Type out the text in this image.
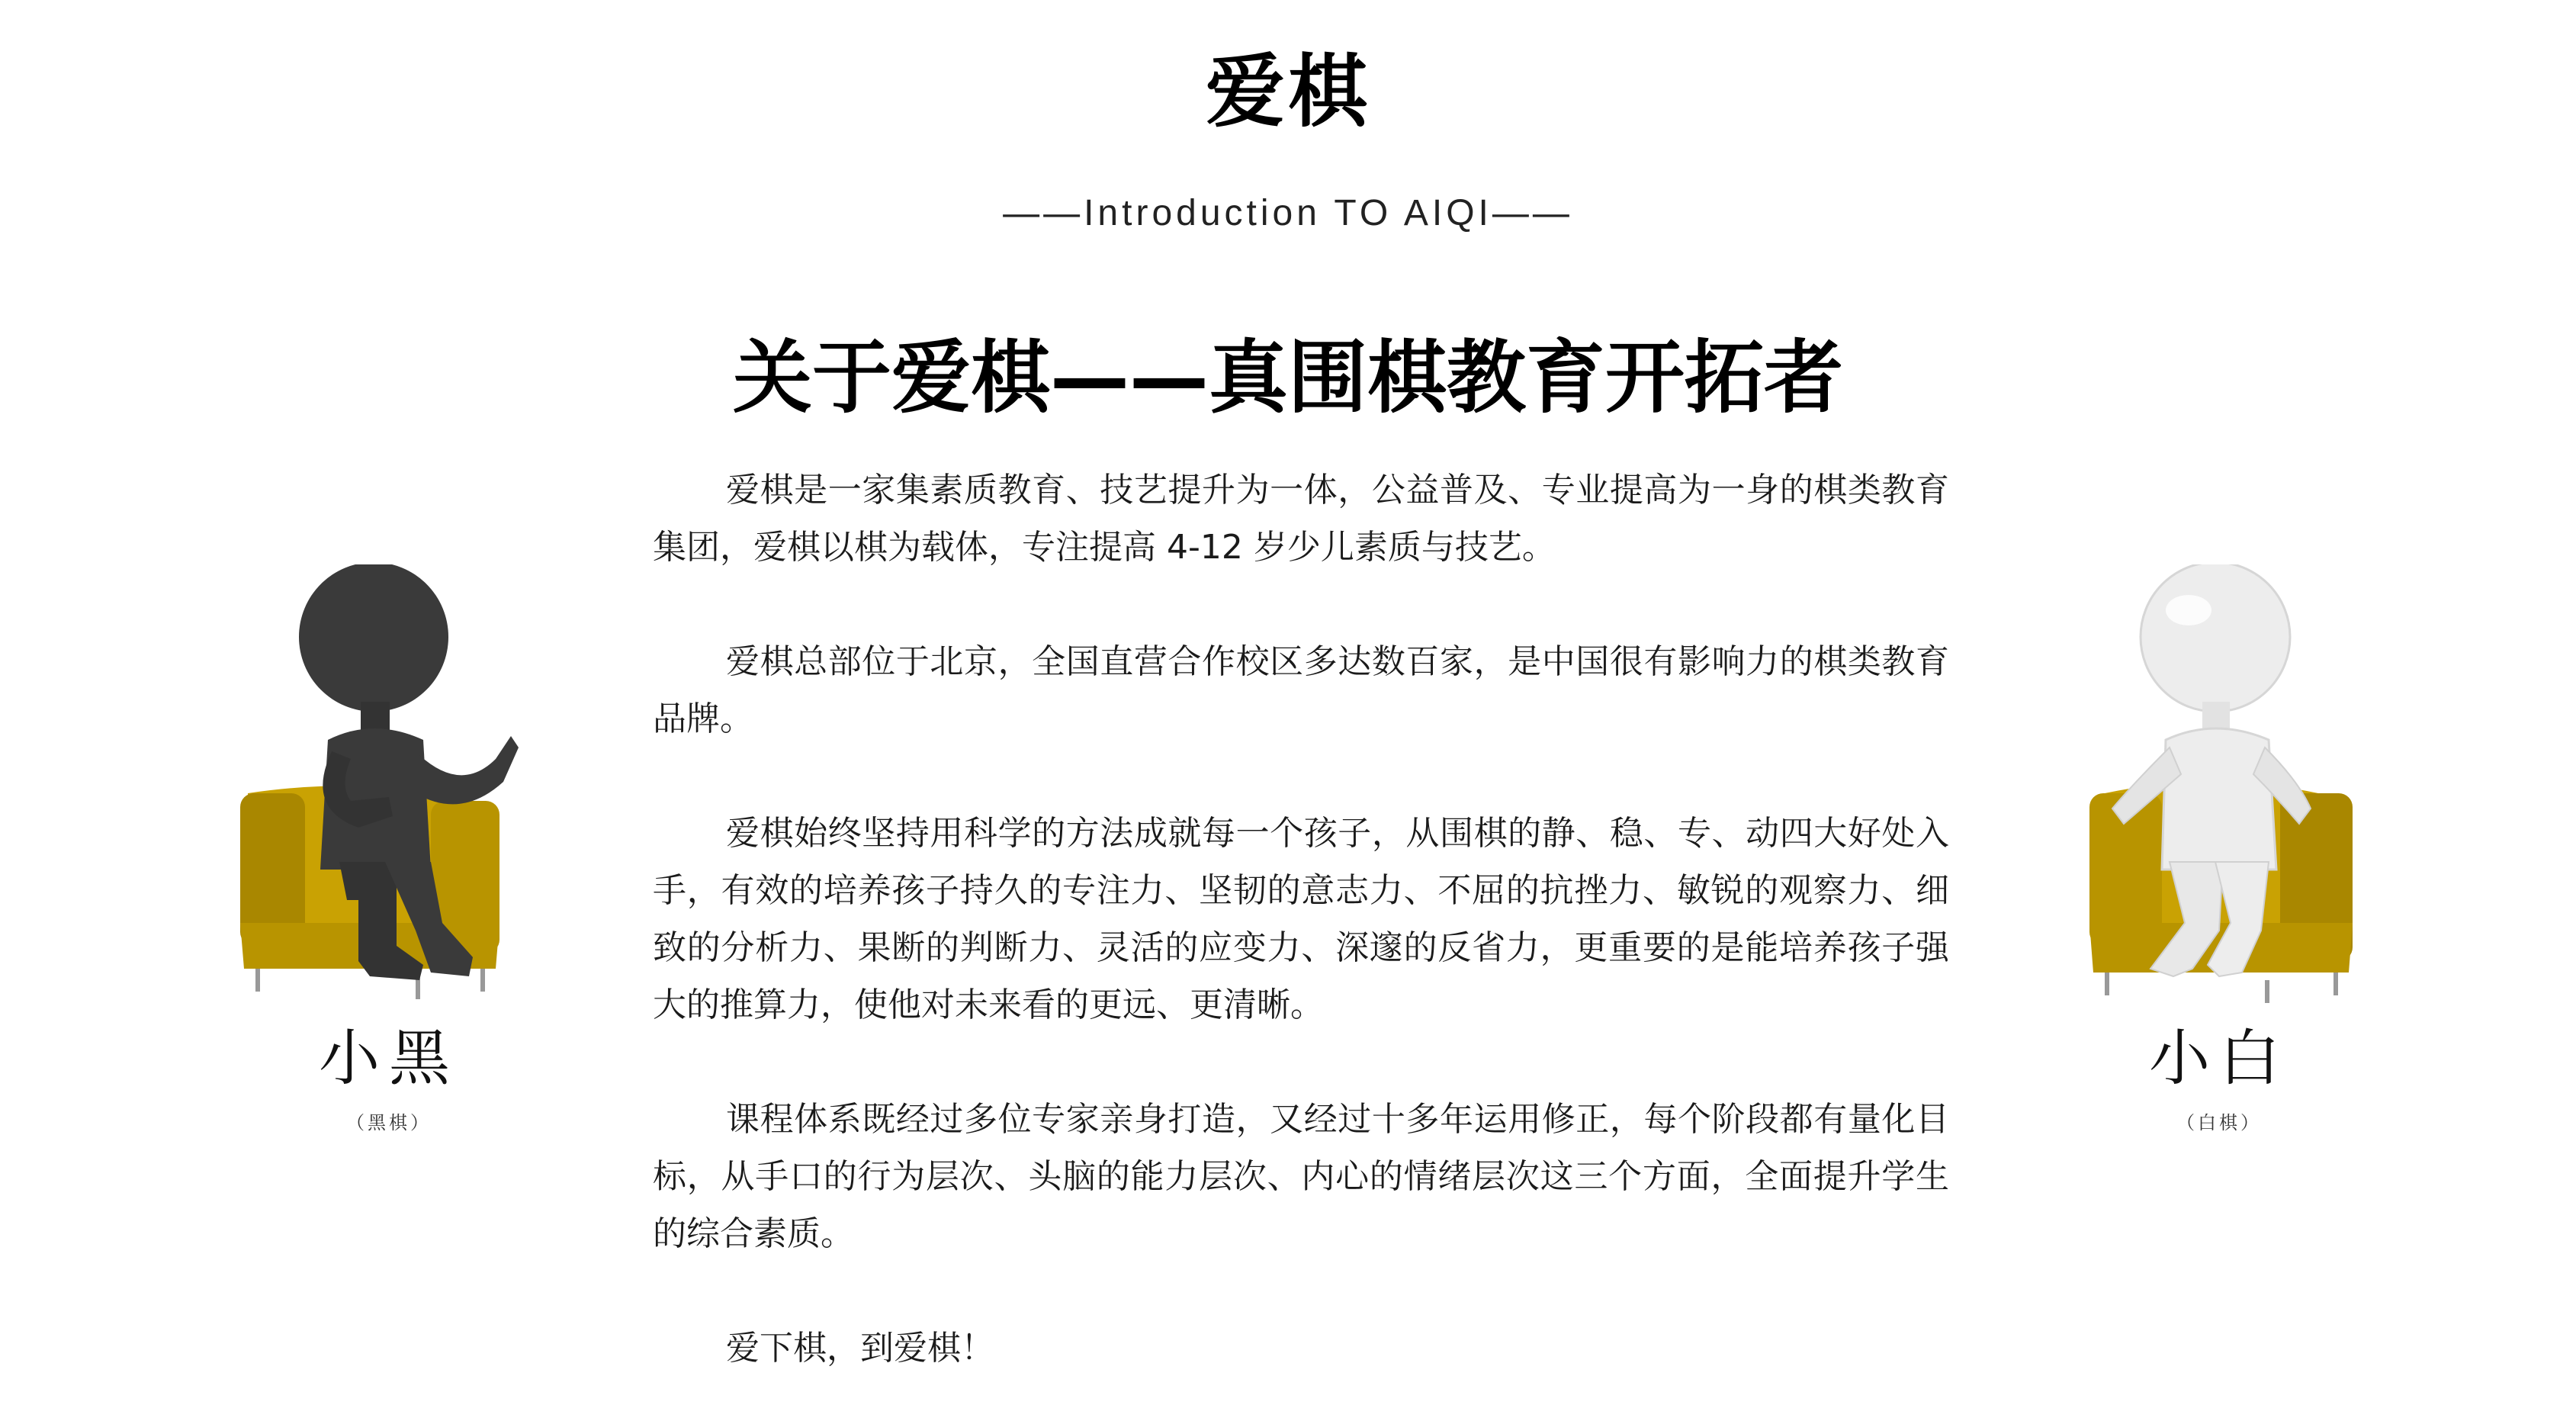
爱棋
——Introduction TO AIQI——
关于爱棋——真围棋教育开拓者

爱棋是一家集素质教育、技艺提升为一体，公益普及、专业提高为一身的棋类教育集团，爱棋以棋为载体，专注提高 4-12 岁少儿素质与技艺。

爱棋总部位于北京，全国直营合作校区多达数百家，是中国很有影响力的棋类教育品牌。

爱棋始终坚持用科学的方法成就每一个孩子，从围棋的静、稳、专、动四大好处入手，有效的培养孩子持久的专注力、坚韧的意志力、不屈的抗挫力、敏锐的观察力、细致的分析力、果断的判断力、灵活的应变力、深邃的反省力，更重要的是能培养孩子强大的推算力，使他对未来看的更远、更清晰。

课程体系既经过多位专家亲身打造，又经过十多年运用修正，每个阶段都有量化目标，从手口的行为层次、头脑的能力层次、内心的情绪层次这三个方面，全面提升学生的综合素质。

爱下棋，到爱棋！

小黑
（黑棋）
小白
（白棋）
